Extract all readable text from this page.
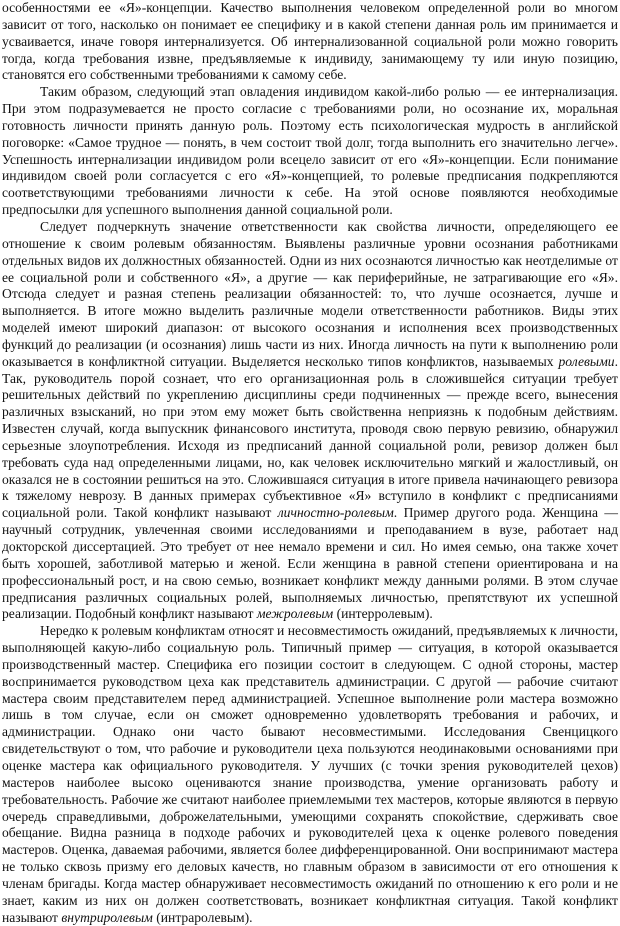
особенностями ее «Я»-концепции. Качество выполнения человеком определенной роли во многом зависит от того, насколько он понимает ее специфику и в какой степени данная роль им принимается и усваивается, иначе говоря интернализуется. Об интернализованной социальной роли можно говорить тогда, когда требования извне, предъявляемые к индивиду, занимающему ту или иную позицию, становятся его собственными требованиями к самому себе.

Таким образом, следующий этап овладения индивидом какой-либо ролью — ее интернализация. При этом подразумевается не просто согласие с требованиями роли, но осознание их, моральная готовность личности принять данную роль. Поэтому есть психологическая мудрость в английской поговорке: «Самое трудное — понять, в чем состоит твой долг, тогда выполнить его значительно легче». Успешность интернализации индивидом роли всецело зависит от его «Я»-концепции. Если понимание индивидом своей роли согласуется с его «Я»-концепцией, то ролевые предписания подкрепляются соответствующими требованиями личности к себе. На этой основе появляются необходимые предпосылки для успешного выполнения данной социальной роли.

Следует подчеркнуть значение ответственности как свойства личности, определяющего ее отношение к своим ролевым обязанностям. Выявлены различные уровни осознания работниками отдельных видов их должностных обязанностей. Одни из них осознаются личностью как неотделимые от ее социальной роли и собственного «Я», а другие — как периферийные, не затрагивающие его «Я». Отсюда следует и разная степень реализации обязанностей: то, что лучше осознается, лучше и выполняется. В итоге можно выделить различные модели ответственности работников. Виды этих моделей имеют широкий диапазон: от высокого осознания и исполнения всех производственных функций до реализации (и осознания) лишь части из них. Иногда личность на пути к выполнению роли оказывается в конфликтной ситуации. Выделяется несколько типов конфликтов, называемых ролевыми. Так, руководитель порой сознает, что его организационная роль в сложившейся ситуации требует решительных действий по укреплению дисциплины среди подчиненных — прежде всего, вынесения различных взысканий, но при этом ему может быть свойственна неприязнь к подобным действиям. Известен случай, когда выпускник финансового института, проводя свою первую ревизию, обнаружил серьезные злоупотребления. Исходя из предписаний данной социальной роли, ревизор должен был требовать суда над определенными лицами, но, как человек исключительно мягкий и жалостливый, он оказался не в состоянии решиться на это. Сложившаяся ситуация в итоге привела начинающего ревизора к тяжелому неврозу. В данных примерах субъективное «Я» вступило в конфликт с предписаниями социальной роли. Такой конфликт называют личностно-ролевым. Пример другого рода. Женщина — научный сотрудник, увлеченная своими исследованиями и преподаванием в вузе, работает над докторской диссертацией. Это требует от нее немало времени и сил. Но имея семью, она также хочет быть хорошей, заботливой матерью и женой. Если женщина в равной степени ориентирована и на профессиональный рост, и на свою семью, возникает конфликт между данными ролями. В этом случае предписания различных социальных ролей, выполняемых личностью, препятствуют их успешной реализации. Подобный конфликт называют межролевым (интерролевым).

Нередко к ролевым конфликтам относят и несовместимость ожиданий, предъявляемых к личности, выполняющей какую-либо социальную роль. Типичный пример — ситуация, в которой оказывается производственный мастер. Специфика его позиции состоит в следующем. С одной стороны, мастер воспринимается руководством цеха как представитель администрации. С другой — рабочие считают мастера своим представителем перед администрацией. Успешное выполнение роли мастера возможно лишь в том случае, если он сможет одновременно удовлетворять требования и рабочих, и администрации. Однако они часто бывают несовместимыми. Исследования Свенцицкого свидетельствуют о том, что рабочие и руководители цеха пользуются неодинаковыми основаниями при оценке мастера как официального руководителя. У лучших (с точки зрения руководителей цехов) мастеров наиболее высоко оцениваются знание производства, умение организовать работу и требовательность. Рабочие же считают наиболее приемлемыми тех мастеров, которые являются в первую очередь справедливыми, доброжелательными, умеющими сохранять спокойствие, сдерживать свое обещание. Видна разница в подходе рабочих и руководителей цеха к оценке ролевого поведения мастеров. Оценка, даваемая рабочими, является более дифференцированной. Они воспринимают мастера не только сквозь призму его деловых качеств, но главным образом в зависимости от его отношения к членам бригады. Когда мастер обнаруживает несовместимость ожиданий по отношению к его роли и не знает, каким из них он должен соответствовать, возникает конфликтная ситуация. Такой конфликт называют внутриролевым (интраролевым).
